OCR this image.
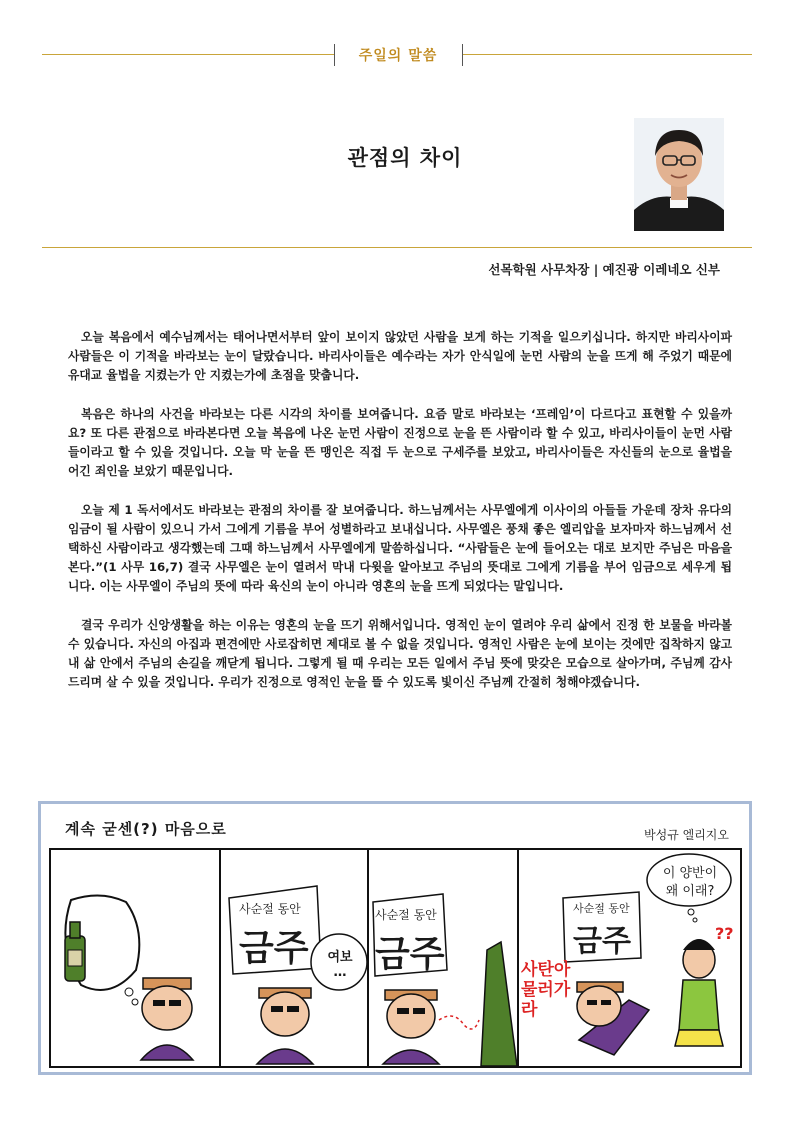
주일의 말씀
관점의 차이
선목학원 사무차장 | 예진광 이레네오 신부

오늘 복음에서 예수님께서는 태어나면서부터 앞이 보이지 않았던 사람을 보게 하는 기적을 일으키십니다. 하지만 바리사이파 사람들은 이 기적을 바라보는 눈이 달랐습니다. 바리사이들은 예수라는 자가 안식일에 눈먼 사람의 눈을 뜨게 해 주었기 때문에 유대교 율법을 지켰는가 안 지켰는가에 초점을 맞춥니다.

복음은 하나의 사건을 바라보는 다른 시각의 차이를 보여줍니다. 요즘 말로 바라보는 ‘프레임’이 다르다고 표현할 수 있을까요? 또 다른 관점으로 바라본다면 오늘 복음에 나온 눈먼 사람이 진정으로 눈을 뜬 사람이라 할 수 있고, 바리사이들이 눈먼 사람들이라고 할 수 있을 것입니다. 오늘 막 눈을 뜬 맹인은 직접 두 눈으로 구세주를 보았고, 바리사이들은 자신들의 눈으로 율법을 어긴 죄인을 보았기 때문입니다.

오늘 제 1 독서에서도 바라보는 관점의 차이를 잘 보여줍니다. 하느님께서는 사무엘에게 이사이의 아들들 가운데 장차 유다의 임금이 될 사람이 있으니 가서 그에게 기름을 부어 성별하라고 보내십니다. 사무엘은 풍채 좋은 엘리압을 보자마자 하느님께서 선택하신 사람이라고 생각했는데 그때 하느님께서 사무엘에게 말씀하십니다. “사람들은 눈에 들어오는 대로 보지만 주님은 마음을 본다.”(1 사무 16,7) 결국 사무엘은 눈이 열려서 막내 다윗을 알아보고 주님의 뜻대로 그에게 기름을 부어 임금으로 세우게 됩니다. 이는 사무엘이 주님의 뜻에 따라 육신의 눈이 아니라 영혼의 눈을 뜨게 되었다는 말입니다.

결국 우리가 신앙생활을 하는 이유는 영혼의 눈을 뜨기 위해서입니다. 영적인 눈이 열려야 우리 삶에서 진정 한 보물을 바라볼 수 있습니다. 자신의 아집과 편견에만 사로잡히면 제대로 볼 수 없을 것입니다. 영적인 사람은 눈에 보이는 것에만 집착하지 않고 내 삶 안에서 주님의 손길을 깨닫게 됩니다. 그렇게 될 때 우리는 모든 일에서 주님 뜻에 맞갖은 모습으로 살아가며, 주님께 감사드리며 살 수 있을 것입니다. 우리가 진정으로 영적인 눈을 뜰 수 있도록 빛이신 주님께 간절히 청해야겠습니다.

계속 굳센(?) 마음으로	박성규 엘리지오
사순절 동안
금주	여보 …
사순절 동안
금주
사순절 동안
금주
이 양반이
왜 이래?
??
사탄아 물러가라
